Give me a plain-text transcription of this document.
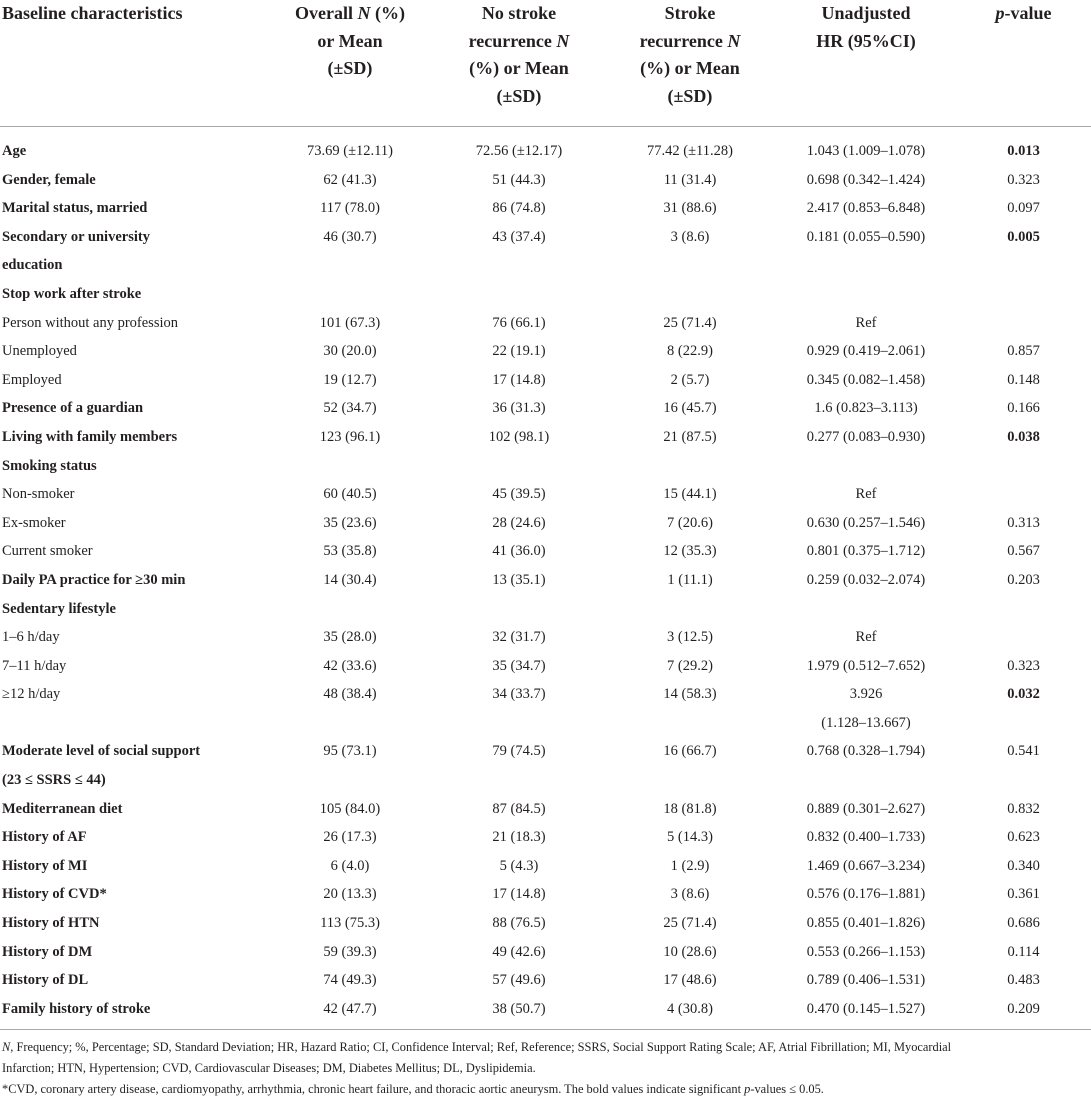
Baseline characteristics	Overall N (%)
or Mean
(±SD)	No stroke
recurrence N
(%) or Mean
(±SD)	Stroke
recurrence N
(%) or Mean
(±SD)	Unadjusted
HR (95%CI)	p-value

Age	73.69 (±12.11)	72.56 (±12.17)	77.42 (±11.28)	1.043 (1.009–1.078)	0.013
Gender, female	62 (41.3)	51 (44.3)	11 (31.4)	0.698 (0.342–1.424)	0.323
Marital status, married	117 (78.0)	86 (74.8)	31 (88.6)	2.417 (0.853–6.848)	0.097
Secondary or university	46 (30.7)	43 (37.4)	3 (8.6)	0.181 (0.055–0.590)	0.005
education					
Stop work after stroke					
Person without any profession	101 (67.3)	76 (66.1)	25 (71.4)	Ref	
Unemployed	30 (20.0)	22 (19.1)	8 (22.9)	0.929 (0.419–2.061)	0.857
Employed	19 (12.7)	17 (14.8)	2 (5.7)	0.345 (0.082–1.458)	0.148
Presence of a guardian	52 (34.7)	36 (31.3)	16 (45.7)	1.6 (0.823–3.113)	0.166
Living with family members	123 (96.1)	102 (98.1)	21 (87.5)	0.277 (0.083–0.930)	0.038
Smoking status					
Non-smoker	60 (40.5)	45 (39.5)	15 (44.1)	Ref	
Ex-smoker	35 (23.6)	28 (24.6)	7 (20.6)	0.630 (0.257–1.546)	0.313
Current smoker	53 (35.8)	41 (36.0)	12 (35.3)	0.801 (0.375–1.712)	0.567
Daily PA practice for ≥30 min	14 (30.4)	13 (35.1)	1 (11.1)	0.259 (0.032–2.074)	0.203
Sedentary lifestyle					
1–6 h/day	35 (28.0)	32 (31.7)	3 (12.5)	Ref	
7–11 h/day	42 (33.6)	35 (34.7)	7 (29.2)	1.979 (0.512–7.652)	0.323
≥12 h/day	48 (38.4)	34 (33.7)	14 (58.3)	3.926	0.032
				(1.128–13.667)	
Moderate level of social support	95 (73.1)	79 (74.5)	16 (66.7)	0.768 (0.328–1.794)	0.541
(23 ≤ SSRS ≤ 44)					
Mediterranean diet	105 (84.0)	87 (84.5)	18 (81.8)	0.889 (0.301–2.627)	0.832
History of AF	26 (17.3)	21 (18.3)	5 (14.3)	0.832 (0.400–1.733)	0.623
History of MI	6 (4.0)	5 (4.3)	1 (2.9)	1.469 (0.667–3.234)	0.340
History of CVD*	20 (13.3)	17 (14.8)	3 (8.6)	0.576 (0.176–1.881)	0.361
History of HTN	113 (75.3)	88 (76.5)	25 (71.4)	0.855 (0.401–1.826)	0.686
History of DM	59 (39.3)	49 (42.6)	10 (28.6)	0.553 (0.266–1.153)	0.114
History of DL	74 (49.3)	57 (49.6)	17 (48.6)	0.789 (0.406–1.531)	0.483
Family history of stroke	42 (47.7)	38 (50.7)	4 (30.8)	0.470 (0.145–1.527)	0.209

N, Frequency; %, Percentage; SD, Standard Deviation; HR, Hazard Ratio; CI, Confidence Interval; Ref, Reference; SSRS, Social Support Rating Scale; AF, Atrial Fibrillation; MI, Myocardial
Infarction; HTN, Hypertension; CVD, Cardiovascular Diseases; DM, Diabetes Mellitus; DL, Dyslipidemia.

*CVD, coronary artery disease, cardiomyopathy, arrhythmia, chronic heart failure, and thoracic aortic aneurysm. The bold values indicate significant p-values ≤ 0.05.
